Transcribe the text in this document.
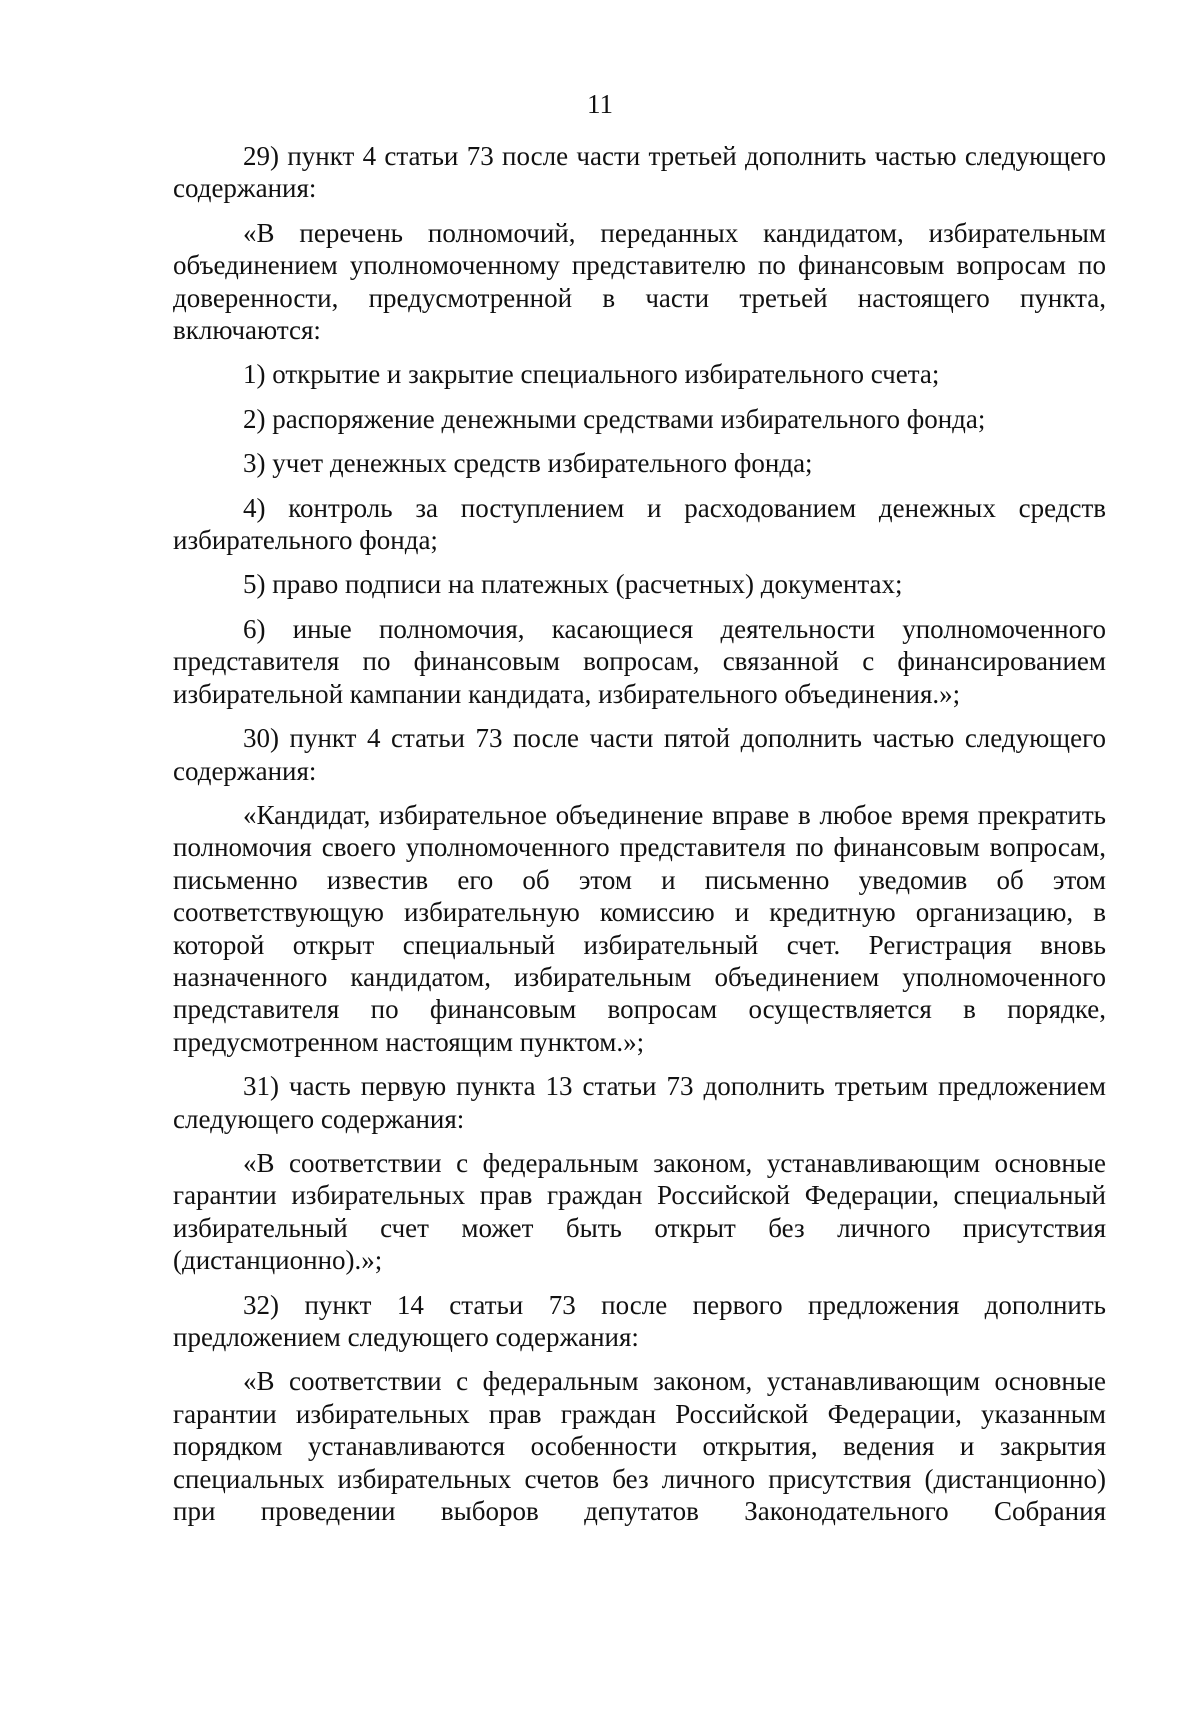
11

29) пункт 4 статьи 73 после части третьей дополнить частью следующего содержания:

«В перечень полномочий, переданных кандидатом, избирательным объединением уполномоченному представителю по финансовым вопросам по доверенности, предусмотренной в части третьей настоящего пункта, включаются:

1) открытие и закрытие специального избирательного счета;

2) распоряжение денежными средствами избирательного фонда;

3) учет денежных средств избирательного фонда;

4) контроль за поступлением и расходованием денежных средств избирательного фонда;

5) право подписи на платежных (расчетных) документах;

6) иные полномочия, касающиеся деятельности уполномоченного представителя по финансовым вопросам, связанной с финансированием избирательной кампании кандидата, избирательного объединения.»;

30) пункт 4 статьи 73 после части пятой дополнить частью следующего содержания:

«Кандидат, избирательное объединение вправе в любое время прекратить полномочия своего уполномоченного представителя по финансовым вопросам, письменно известив его об этом и письменно уведомив об этом соответствующую избирательную комиссию и кредитную организацию, в которой открыт специальный избирательный счет. Регистрация вновь назначенного кандидатом, избирательным объединением уполномоченного представителя по финансовым вопросам осуществляется в порядке, предусмотренном настоящим пунктом.»;

31) часть первую пункта 13 статьи 73 дополнить третьим предложением следующего содержания:

«В соответствии с федеральным законом, устанавливающим основные гарантии избирательных прав граждан Российской Федерации, специальный избирательный счет может быть открыт без личного присутствия (дистанционно).»;

32) пункт 14 статьи 73 после первого предложения дополнить предложением следующего содержания:

«В соответствии с федеральным законом, устанавливающим основные гарантии избирательных прав граждан Российской Федерации, указанным порядком устанавливаются особенности открытия, ведения и закрытия специальных избирательных счетов без личного присутствия (дистанционно) при проведении выборов депутатов Законодательного Собрания
